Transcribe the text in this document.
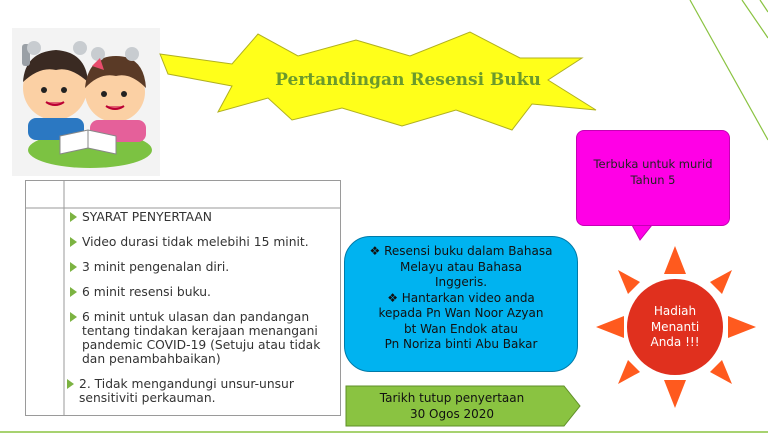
Pertandingan Resensi Buku
Terbuka untuk murid
Tahun 5
SYARAT PENYERTAAN
Video durasi tidak melebihi 15 minit.
3 minit pengenalan diri.
6 minit resensi buku.
6 minit untuk ulasan dan pandangan tentang tindakan kerajaan menangani pandemic COVID-19 (Setuju atau tidak dan penambahbaikan)
2. Tidak mengandungi unsur-unsur sensitiviti perkauman.
❖ Resensi buku dalam Bahasa
Melayu atau Bahasa
Inggeris.
❖ Hantarkan video anda
kepada Pn Wan Noor Azyan
bt Wan Endok atau
Pn Noriza binti Abu Bakar
Tarikh tutup penyertaan
30 Ogos 2020
Hadiah
Menanti
Anda !!!
